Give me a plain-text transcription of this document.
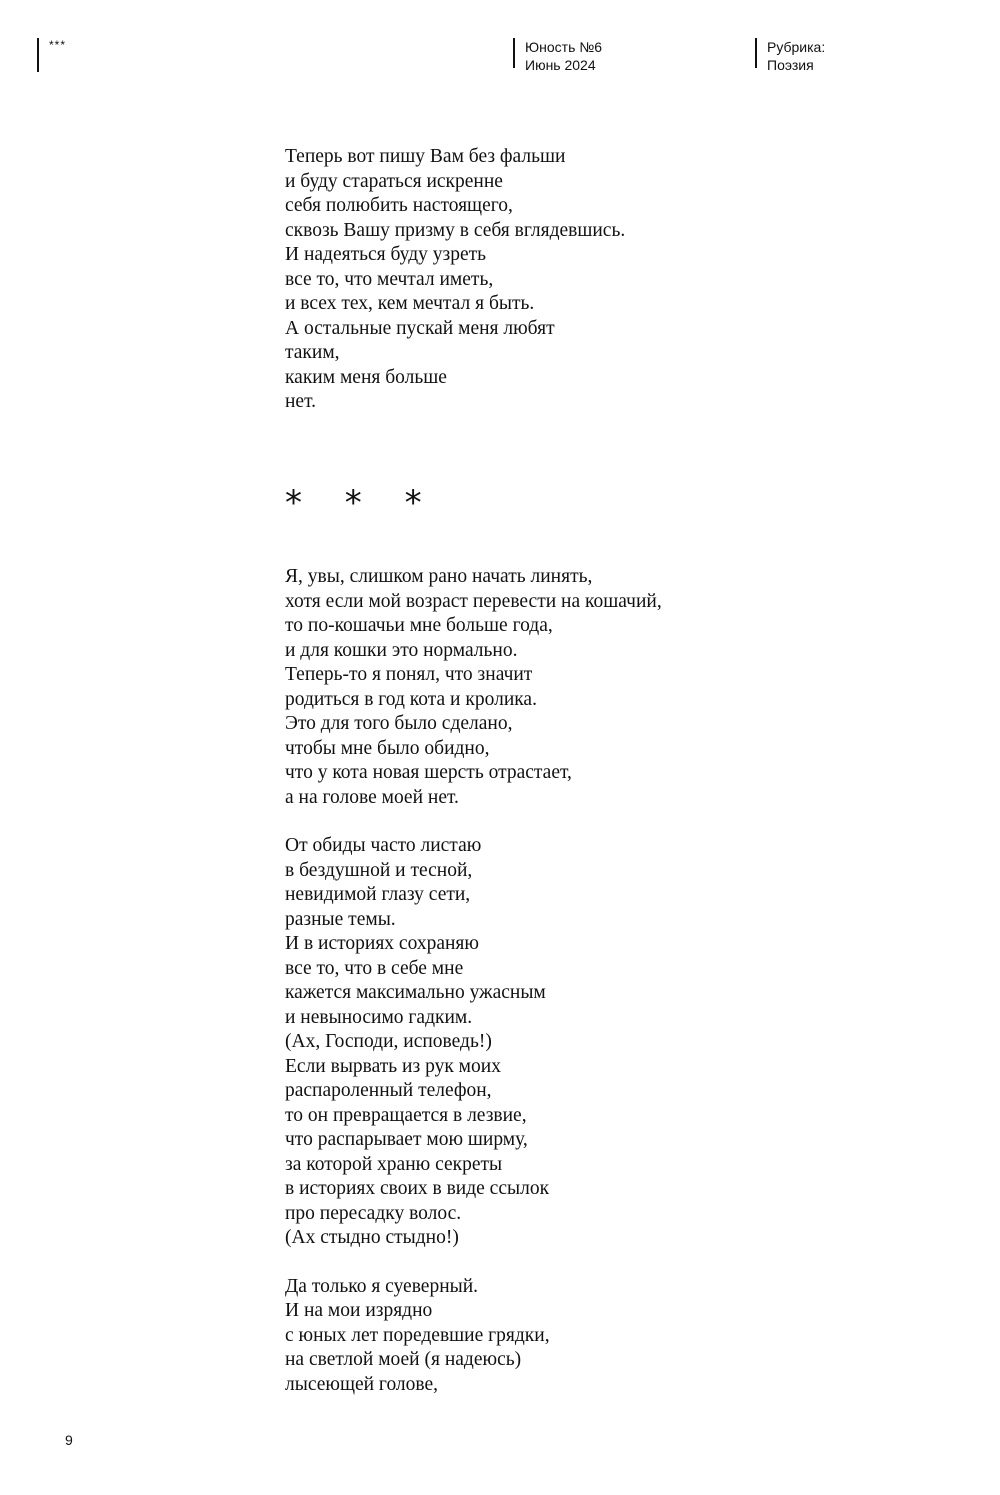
***	Юность №6
Июнь 2024
Рубрика:
Поэзия
Теперь вот пишу Вам без фальши
и буду стараться искренне
себя полюбить настоящего,
сквозь Вашу призму в себя вглядевшись.
И надеяться буду узреть
все то, что мечтал иметь,
и всех тех, кем мечтал я быть.
А остальные пускай меня любят
таким,
каким меня больше
нет.
* * *
Я, увы, слишком рано начать линять,
хотя если мой возраст перевести на кошачий,
то по-кошачьи мне больше года,
и для кошки это нормально.
Теперь-то я понял, что значит
родиться в год кота и кролика.
Это для того было сделано,
чтобы мне было обидно,
что у кота новая шерсть отрастает,
а на голове моей нет.
От обиды часто листаю
в бездушной и тесной,
невидимой глазу сети,
разные темы.
И в историях сохраняю
все то, что в себе мне
кажется максимально ужасным
и невыносимо гадким.
(Ах, Господи, исповедь!)
Если вырвать из рук моих
распароленный телефон,
то он превращается в лезвие,
что распарывает мою ширму,
за которой храню секреты
в историях своих в виде ссылок
про пересадку волос.
(Ах стыдно стыдно!)
Да только я суеверный.
И на мои изрядно
с юных лет поредевшие грядки,
на светлой моей (я надеюсь)
лысеющей голове,
9
